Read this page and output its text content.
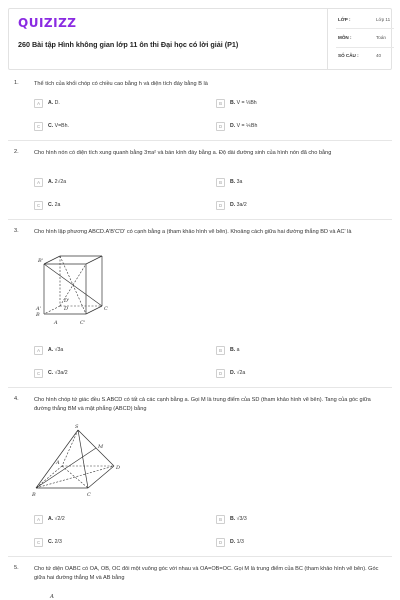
QUIZIZZ
260 Bài tập Hình không gian lớp 11 ôn thi Đại học có lời giải (P1)
LỚP :	Lớp 11
MÔN :	Toán
SỐ CÂU :	40
1.	Thể tích của khối chóp có chiều cao bằng h và diện tích đáy bằng B là
A	A. D.	B	B. V = ⅓Bh
C	C. V=Bh.	D	D. V = ⅙Bh
2.	Cho hình nón có diện tích xung quanh bằng 3πa² và bán kính đáy bằng a. Độ dài đường sinh của hình nón đã cho bằng
A	A. 2√2a	B	B. 3a
C	C. 2a	D	D. 3a/2
3.	Cho hình lập phương ABCD.A'B'C'D' có cạnh bằng a (tham khảo hình vẽ bên). Khoảng cách giữa hai đường thẳng BD và AC' là
B
C
D
B'
A'
D'
A	C'
A	A. √3a	B	B. a
C	C. √3a/2	D	D. √2a
4.	Cho hình chóp tứ giác đều S.ABCD có tất cả các cạnh bằng a. Gọi M là trung điểm của SD (tham khảo hình vẽ bên). Tang của góc giữa đường thẳng BM và mặt phẳng (ABCD) bằng
S
M
D
A
B	C
A	A. √2/2	B	B. √3/3
C	C. 2/3	D	D. 1/3
5.	Cho tứ diện OABC có OA, OB, OC đôi một vuông góc với nhau và OA=OB=OC. Gọi M là trung điểm của BC (tham khảo hình vẽ bên). Góc giữa hai đường thẳng M và AB bằng
A
